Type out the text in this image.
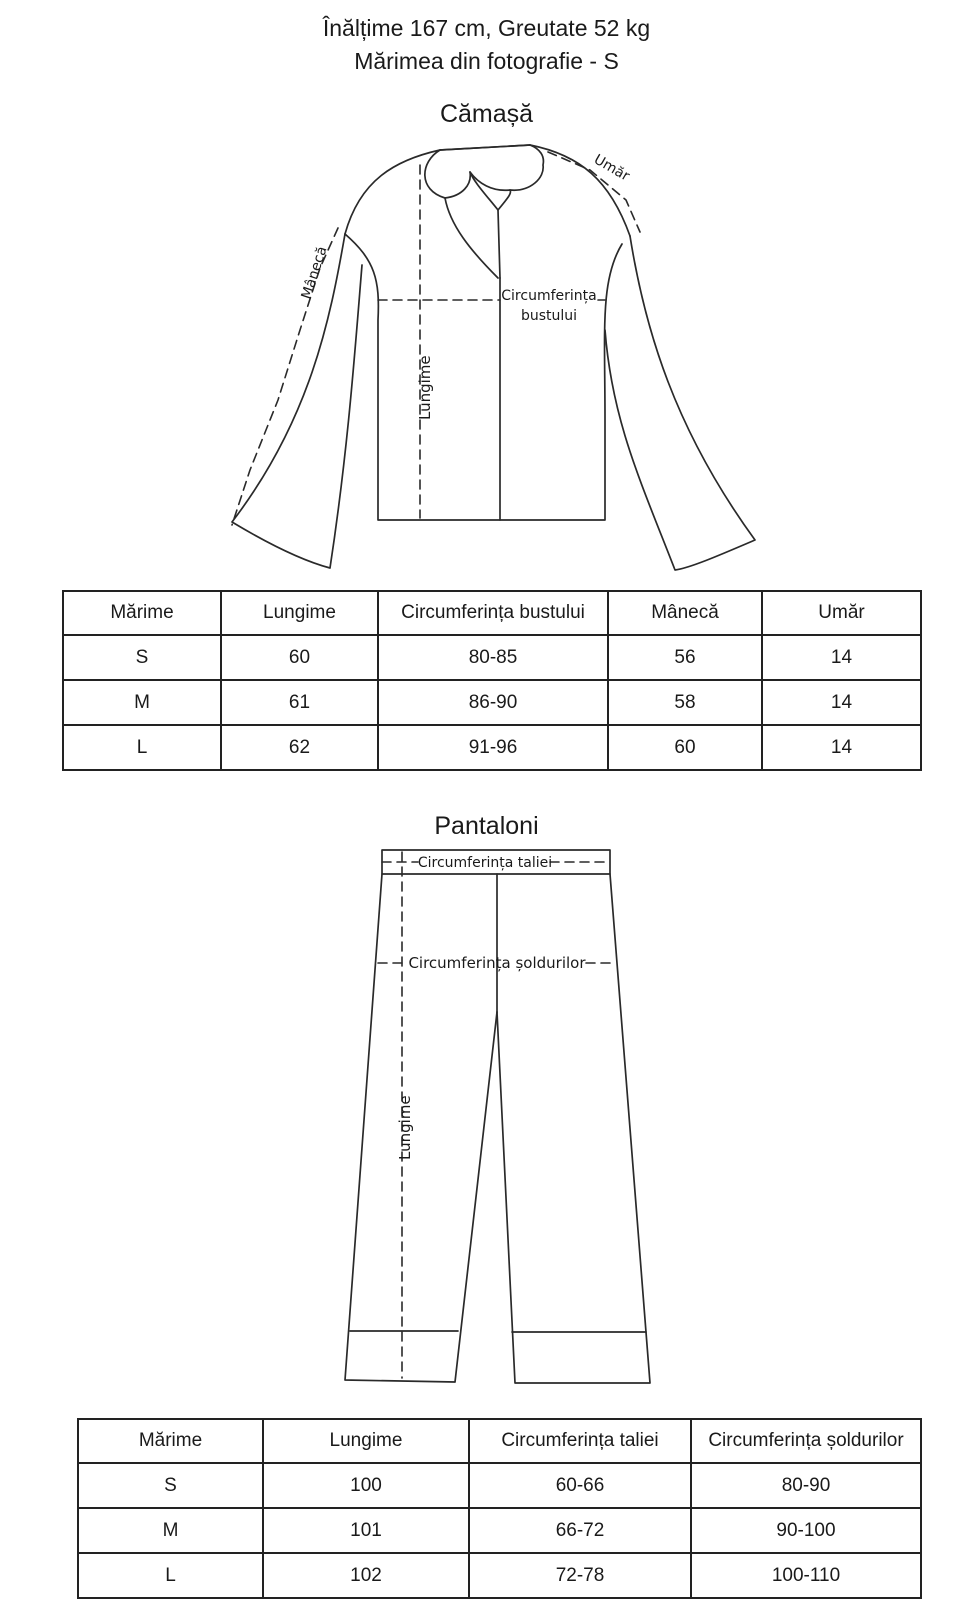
Înălțime 167 cm, Greutate 52 kg
Mărimea din fotografie - S
Cămașă
Umăr
Mânecă	Circumferința
bustului
Lungime
Mărime	Lungime	Circumferința bustului	Mânecă	Umăr
S	60	80-85	56	14
M	61	86-90	58	14
L	62	91-96	60	14
Pantaloni
Circumferința taliei
Circumferința șoldurilor
Lungime
Mărime	Lungime	Circumferința taliei	Circumferința șoldurilor
S	100	60-66	80-90
M	101	66-72	90-100
L	102	72-78	100-110
